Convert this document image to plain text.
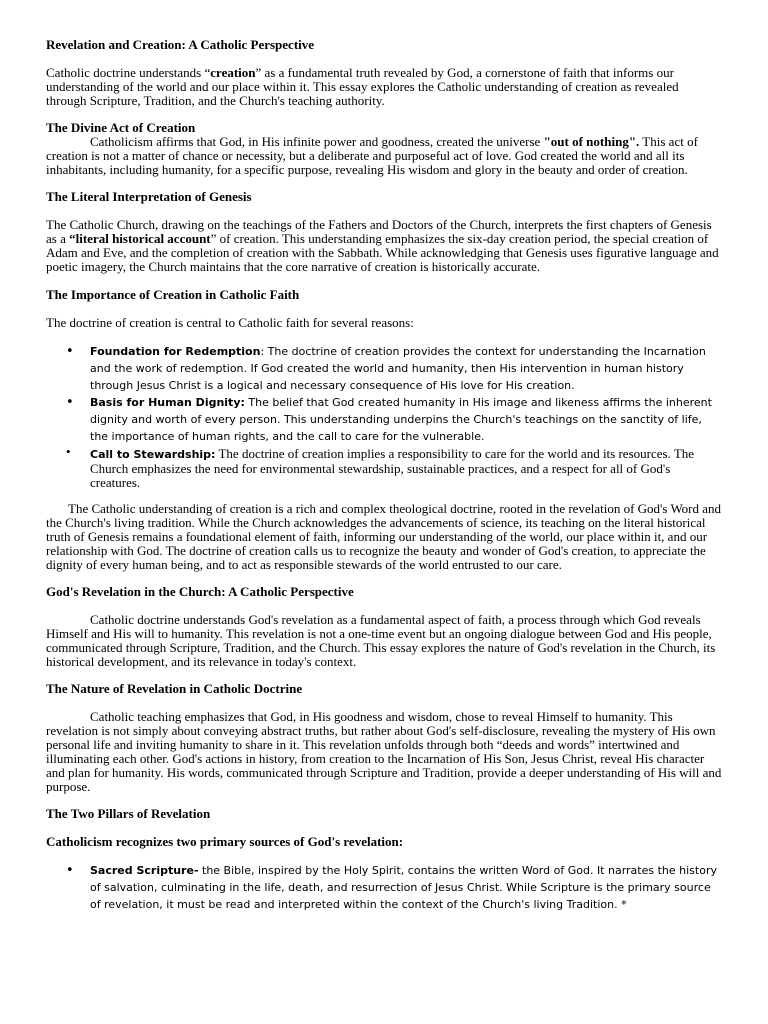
Revelation and Creation: A Catholic Perspective

Catholic doctrine understands “creation” as a fundamental truth revealed by God, a cornerstone of faith that informs our understanding of the world and our place within it. This essay explores the Catholic understanding of creation as revealed through Scripture, Tradition, and the Church's teaching authority.

The Divine Act of Creation

Catholicism affirms that God, in His infinite power and goodness, created the universe "out of nothing". This act of creation is not a matter of chance or necessity, but a deliberate and purposeful act of love. God created the world and all its inhabitants, including humanity, for a specific purpose, revealing His wisdom and glory in the beauty and order of creation.

The Literal Interpretation of Genesis

The Catholic Church, drawing on the teachings of the Fathers and Doctors of the Church, interprets the first chapters of Genesis as a “literal historical account” of creation. This understanding emphasizes the six-day creation period, the special creation of Adam and Eve, and the completion of creation with the Sabbath. While acknowledging that Genesis uses figurative language and poetic imagery, the Church maintains that the core narrative of creation is historically accurate.

The Importance of Creation in Catholic Faith

The doctrine of creation is central to Catholic faith for several reasons:

• Foundation for Redemption: The doctrine of creation provides the context for understanding the Incarnation and the work of redemption. If God created the world and humanity, then His intervention in human history through Jesus Christ is a logical and necessary consequence of His love for His creation.
• Basis for Human Dignity: The belief that God created humanity in His image and likeness affirms the inherent dignity and worth of every person. This understanding underpins the Church's teachings on the sanctity of life, the importance of human rights, and the call to care for the vulnerable.
• Call to Stewardship: The doctrine of creation implies a responsibility to care for the world and its resources. The Church emphasizes the need for environmental stewardship, sustainable practices, and a respect for all of God's creatures.

The Catholic understanding of creation is a rich and complex theological doctrine, rooted in the revelation of God's Word and the Church's living tradition. While the Church acknowledges the advancements of science, its teaching on the literal historical truth of Genesis remains a foundational element of faith, informing our understanding of the world, our place within it, and our relationship with God. The doctrine of creation calls us to recognize the beauty and wonder of God's creation, to appreciate the dignity of every human being, and to act as responsible stewards of the world entrusted to our care.

God's Revelation in the Church: A Catholic Perspective

Catholic doctrine understands God's revelation as a fundamental aspect of faith, a process through which God reveals Himself and His will to humanity. This revelation is not a one-time event but an ongoing dialogue between God and His people, communicated through Scripture, Tradition, and the Church. This essay explores the nature of God's revelation in the Church, its historical development, and its relevance in today's context.

The Nature of Revelation in Catholic Doctrine

Catholic teaching emphasizes that God, in His goodness and wisdom, chose to reveal Himself to humanity. This revelation is not simply about conveying abstract truths, but rather about God's self-disclosure, revealing the mystery of His own personal life and inviting humanity to share in it. This revelation unfolds through both “deeds and words” intertwined and illuminating each other. God's actions in history, from creation to the Incarnation of His Son, Jesus Christ, reveal His character and plan for humanity. His words, communicated through Scripture and Tradition, provide a deeper understanding of His will and purpose.

The Two Pillars of Revelation

Catholicism recognizes two primary sources of God's revelation:

• Sacred Scripture- the Bible, inspired by the Holy Spirit, contains the written Word of God. It narrates the history of salvation, culminating in the life, death, and resurrection of Jesus Christ. While Scripture is the primary source of revelation, it must be read and interpreted within the context of the Church's living Tradition. *
